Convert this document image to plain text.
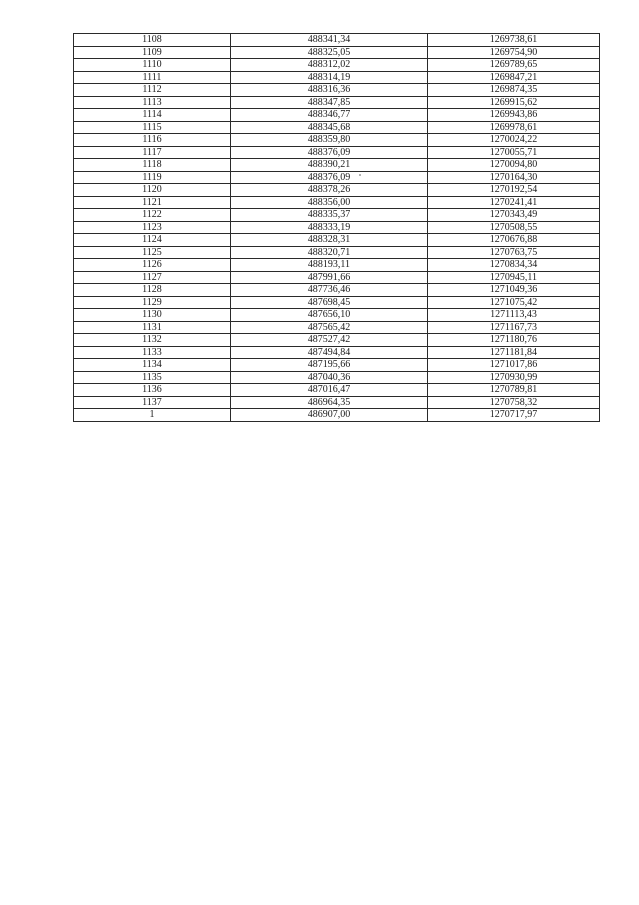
1108	488341,34	1269738,61
1109	488325,05	1269754,90
1110	488312,02	1269789,65
1111	488314,19	1269847,21
1112	488316,36	1269874,35
1113	488347,85	1269915,62
1114	488346,77	1269943,86
1115	488345,68	1269978,61
1116	488359,80	1270024,22
1117	488376,09	1270055,71
1118	488390,21	1270094,80
1119	488376,09	1270164,30
1120	488378,26	1270192,54
1121	488356,00	1270241,41
1122	488335,37	1270343,49
1123	488333,19	1270508,55
1124	488328,31	1270676,88
1125	488320,71	1270763,75
1126	488193,11	1270834,34
1127	487991,66	1270945,11
1128	487736,46	1271049,36
1129	487698,45	1271075,42
1130	487656,10	1271113,43
1131	487565,42	1271167,73
1132	487527,42	1271180,76
1133	487494,84	1271181,84
1134	487195,66	1271017,86
1135	487040,36	1270930,99
1136	487016,47	1270789,81
1137	486964,35	1270758,32
1	486907,00	1270717,97
